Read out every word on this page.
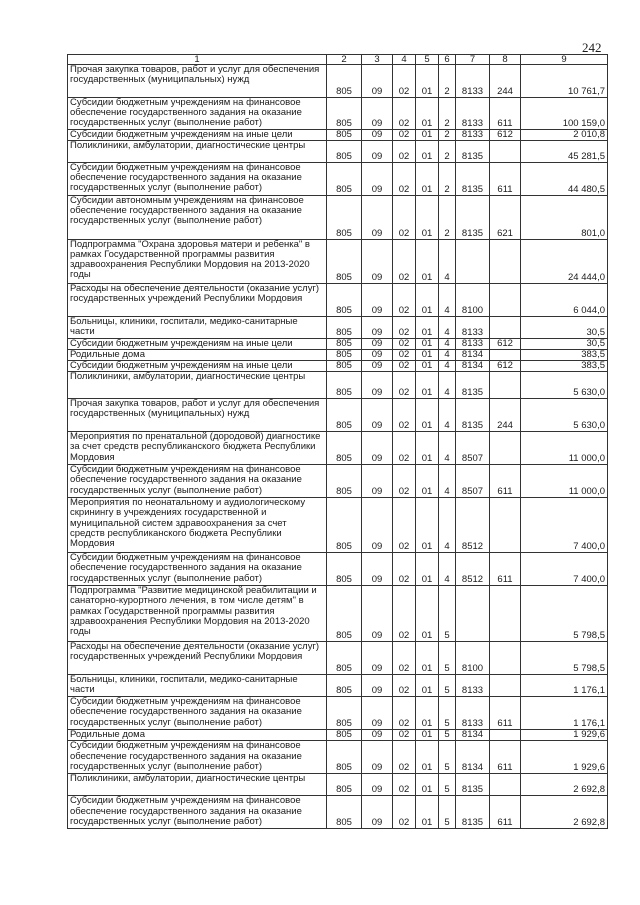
242
1	2	3	4	5	6	7	8	9
Прочая закупка товаров, работ и услуг для обеспечения государственных (муниципальных) нужд	805	09	02	01	2	8133	244	10 761,7
Субсидии бюджетным учреждениям на финансовое обеспечение государственного задания на оказание государственных услуг (выполнение работ)	805	09	02	01	2	8133	611	100 159,0
Субсидии бюджетным учреждениям на иные цели	805	09	02	01	2	8133	612	2 010,8
Поликлиники, амбулатории, диагностические центры	805	09	02	01	2	8135		45 281,5
Субсидии бюджетным учреждениям на финансовое обеспечение государственного задания на оказание государственных услуг (выполнение работ)	805	09	02	01	2	8135	611	44 480,5
Субсидии автономным учреждениям на финансовое обеспечение государственного задания на оказание государственных услуг (выполнение работ)	805	09	02	01	2	8135	621	801,0
Подпрограмма "Охрана здоровья матери и ребенка" в рамках Государственной программы развития здравоохранения Республики Мордовия на 2013-2020 годы	805	09	02	01	4			24 444,0
Расходы на обеспечение деятельности (оказание услуг) государственных учреждений Республики Мордовия	805	09	02	01	4	8100		6 044,0
Больницы, клиники, госпитали, медико-санитарные части	805	09	02	01	4	8133		30,5
Субсидии бюджетным учреждениям на иные цели	805	09	02	01	4	8133	612	30,5
Родильные дома	805	09	02	01	4	8134		383,5
Субсидии бюджетным учреждениям на иные цели	805	09	02	01	4	8134	612	383,5
Поликлиники, амбулатории, диагностические центры	805	09	02	01	4	8135		5 630,0
Прочая закупка товаров, работ и услуг для обеспечения государственных (муниципальных) нужд	805	09	02	01	4	8135	244	5 630,0
Мероприятия по пренатальной (дородовой) диагностике за счет средств республиканского бюджета Республики Мордовия	805	09	02	01	4	8507		11 000,0
Субсидии бюджетным учреждениям на финансовое обеспечение государственного задания на оказание государственных услуг (выполнение работ)	805	09	02	01	4	8507	611	11 000,0
Мероприятия по неонатальному и аудиологическому скринингу в учреждениях государственной и муниципальной систем здравоохранения за счет средств республиканского бюджета Республики Мордовия	805	09	02	01	4	8512		7 400,0
Субсидии бюджетным учреждениям на финансовое обеспечение государственного задания на оказание государственных услуг (выполнение работ)	805	09	02	01	4	8512	611	7 400,0
Подпрограмма "Развитие медицинской реабилитации и санаторно-курортного лечения, в том числе детям" в рамках Государственной программы развития здравоохранения Республики Мордовия на 2013-2020 годы	805	09	02	01	5			5 798,5
Расходы на обеспечение деятельности (оказание услуг) государственных учреждений Республики Мордовия	805	09	02	01	5	8100		5 798,5
Больницы, клиники, госпитали, медико-санитарные части	805	09	02	01	5	8133		1 176,1
Субсидии бюджетным учреждениям на финансовое обеспечение государственного задания на оказание государственных услуг (выполнение работ)	805	09	02	01	5	8133	611	1 176,1
Родильные дома	805	09	02	01	5	8134		1 929,6
Субсидии бюджетным учреждениям на финансовое обеспечение государственного задания на оказание государственных услуг (выполнение работ)	805	09	02	01	5	8134	611	1 929,6
Поликлиники, амбулатории, диагностические центры	805	09	02	01	5	8135		2 692,8
Субсидии бюджетным учреждениям на финансовое обеспечение государственного задания на оказание государственных услуг (выполнение работ)	805	09	02	01	5	8135	611	2 692,8
